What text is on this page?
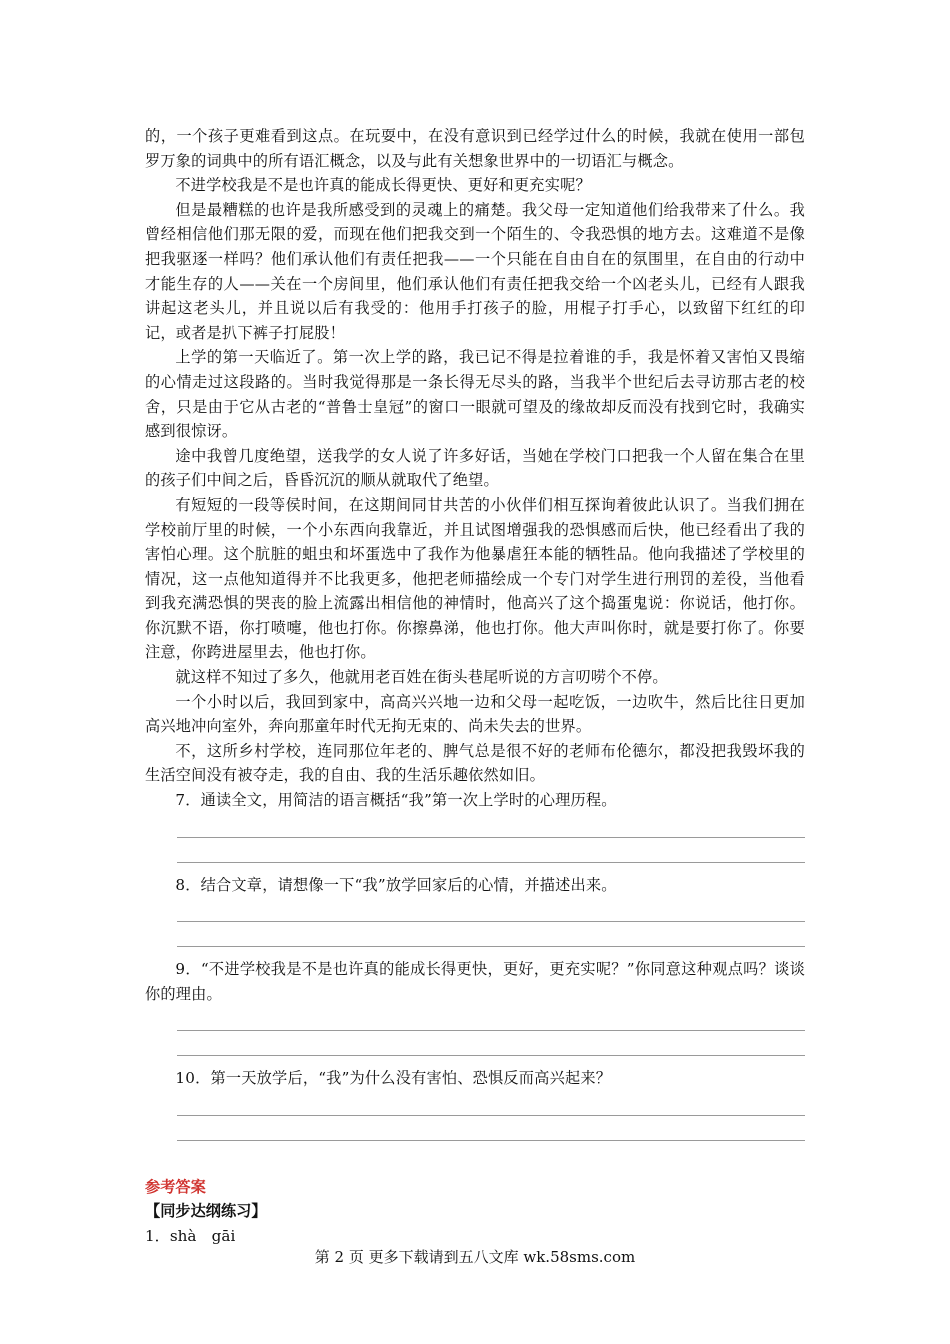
的，一个孩子更难看到这点。在玩耍中，在没有意识到已经学过什么的时候，我就在使用一部包罗万象的词典中的所有语汇概念，以及与此有关想象世界中的一切语汇与概念。

不进学校我是不是也许真的能成长得更快、更好和更充实呢？

但是最糟糕的也许是我所感受到的灵魂上的痛楚。我父母一定知道他们给我带来了什么。我曾经相信他们那无限的爱，而现在他们把我交到一个陌生的、令我恐惧的地方去。这难道不是像把我驱逐一样吗？他们承认他们有责任把我——一个只能在自由自在的氛围里，在自由的行动中才能生存的人——关在一个房间里，他们承认他们有责任把我交给一个凶老头儿，已经有人跟我讲起这老头儿，并且说以后有我受的：他用手打孩子的脸，用棍子打手心，以致留下红红的印记，或者是扒下裤子打屁股！

上学的第一天临近了。第一次上学的路，我已记不得是拉着谁的手，我是怀着又害怕又畏缩的心情走过这段路的。当时我觉得那是一条长得无尽头的路，当我半个世纪后去寻访那古老的校舍，只是由于它从古老的“普鲁士皇冠”的窗口一眼就可望及的缘故却反而没有找到它时，我确实感到很惊讶。

途中我曾几度绝望，送我学的女人说了许多好话，当她在学校门口把我一个人留在集合在里的孩子们中间之后，昏昏沉沉的顺从就取代了绝望。

有短短的一段等侯时间，在这期间同甘共苦的小伙伴们相互探询着彼此认识了。当我们拥在学校前厅里的时候，一个小东西向我靠近，并且试图增强我的恐惧感而后快，他已经看出了我的害怕心理。这个肮脏的蛆虫和坏蛋选中了我作为他暴虐狂本能的牺牲品。他向我描述了学校里的情况，这一点他知道得并不比我更多，他把老师描绘成一个专门对学生进行刑罚的差役，当他看到我充满恐惧的哭丧的脸上流露出相信他的神情时，他高兴了这个捣蛋鬼说：你说话，他打你。你沉默不语，你打喷嚏，他也打你。你擦鼻涕，他也打你。他大声叫你时，就是要打你了。你要注意，你跨进屋里去，他也打你。

就这样不知过了多久，他就用老百姓在街头巷尾听说的方言叨唠个不停。

一个小时以后，我回到家中，高高兴兴地一边和父母一起吃饭，一边吹牛，然后比往日更加高兴地冲向室外，奔向那童年时代无拘无束的、尚未失去的世界。

不，这所乡村学校，连同那位年老的、脾气总是很不好的老师布伦德尔，都没把我毁坏我的生活空间没有被夺走，我的自由、我的生活乐趣依然如旧。

7．通读全文，用简洁的语言概括“我”第一次上学时的心理历程。

8．结合文章，请想像一下“我”放学回家后的心情，并描述出来。

9．“不进学校我是不是也许真的能成长得更快，更好，更充实呢？”你同意这种观点吗？谈谈你的理由。

10．第一天放学后，“我”为什么没有害怕、恐惧反而高兴起来？

参考答案
【同步达纲练习】
1．shà　gāi
第 2 页 更多下载请到五八文库 wk.58sms.com
